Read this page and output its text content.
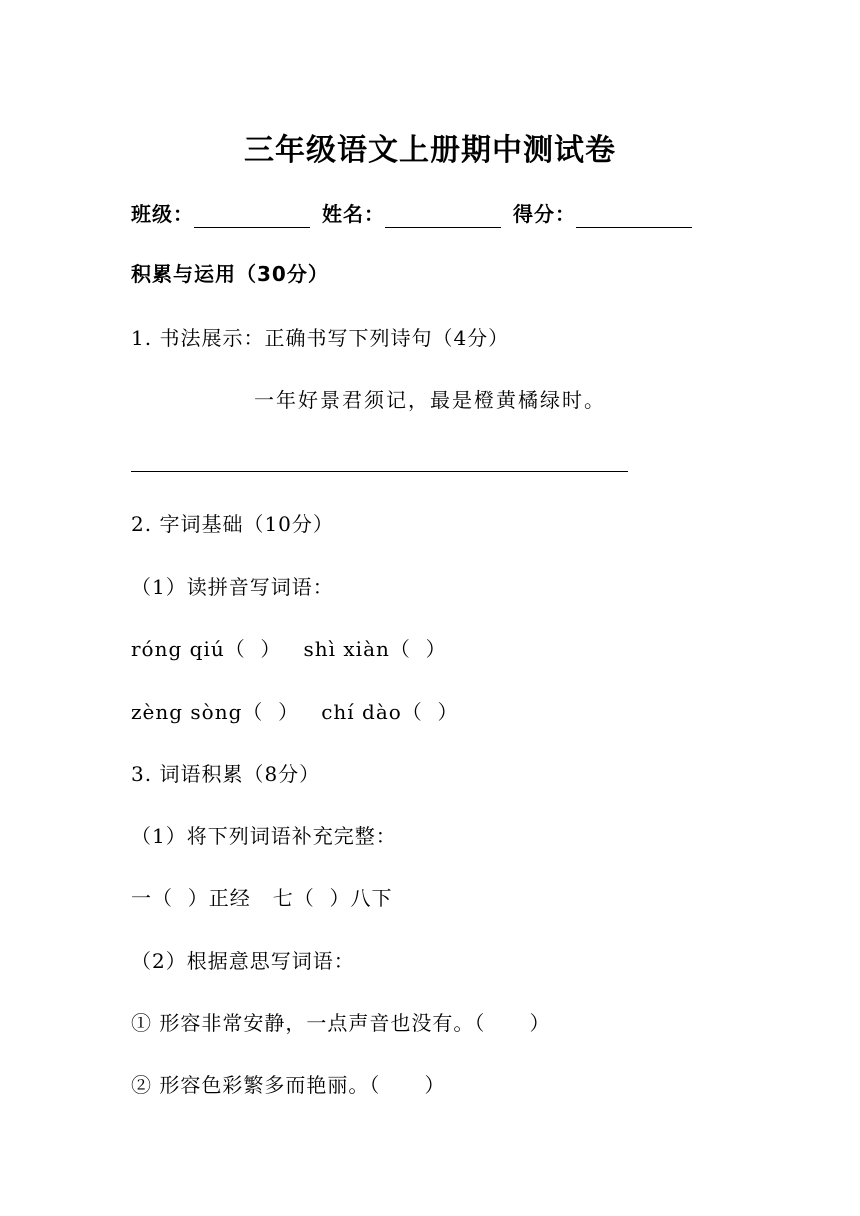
三年级语文上册期中测试卷
班级：	姓名：	得分：
积累与运用（30分）
1. 书法展示：正确书写下列诗句（4分）
一年好景君须记，最是橙黄橘绿时。
2. 字词基础（10分）
（1）读拼音写词语：
róng qiú（  ）   shì xiàn（  ）
zèng sòng（  ）   chí dào（  ）
3. 词语积累（8分）
（1）将下列词语补充完整：
一（  ）正经   七（  ）八下
（2）根据意思写词语：
① 形容非常安静，一点声音也没有。（      ）
② 形容色彩繁多而艳丽。（      ）
